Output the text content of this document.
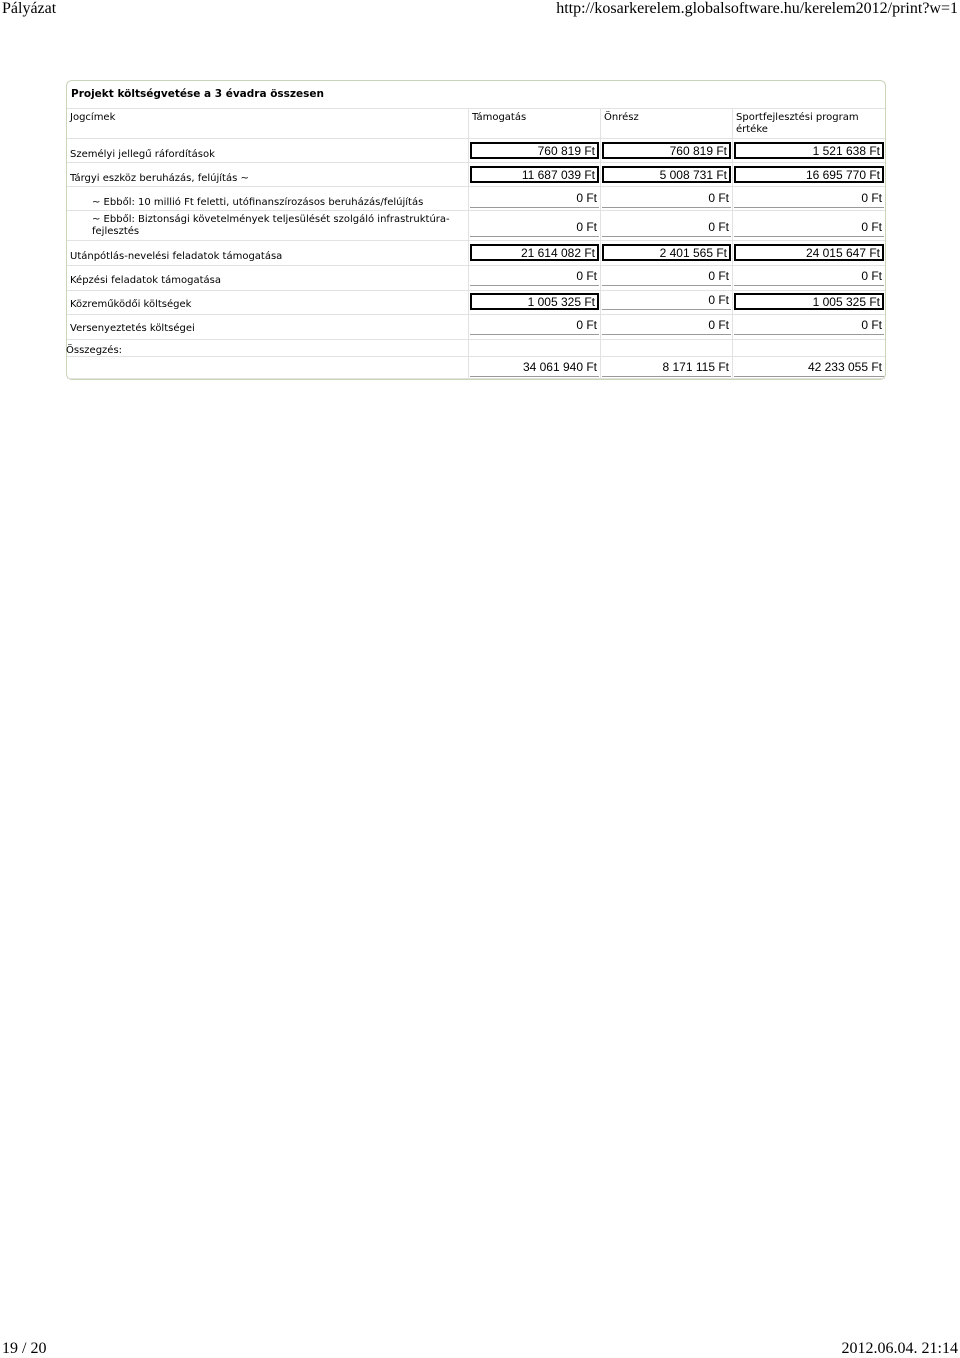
Pályázat	http://kosarkerelem.globalsoftware.hu/kerelem2012/print?w=1
Projekt költségvetése a 3 évadra összesen
Jogcímek	Támogatás	Önrész	Sportfejlesztési program értéke
Személyi jellegű ráfordítások	760 819 Ft	760 819 Ft	1 521 638 Ft
Tárgyi eszköz beruházás, felújítás ~	11 687 039 Ft	5 008 731 Ft	16 695 770 Ft
~ Ebből: 10 millió Ft feletti, utófinanszírozásos beruházás/felújítás	0 Ft	0 Ft	0 Ft
~ Ebből: Biztonsági követelmények teljesülését szolgáló infrastruktúra-fejlesztés	0 Ft	0 Ft	0 Ft
Utánpótlás-nevelési feladatok támogatása	21 614 082 Ft	2 401 565 Ft	24 015 647 Ft
Képzési feladatok támogatása	0 Ft	0 Ft	0 Ft
Közreműködői költségek	1 005 325 Ft	0 Ft	1 005 325 Ft
Versenyeztetés költségei	0 Ft	0 Ft	0 Ft
Összegzés:
34 061 940 Ft	8 171 115 Ft	42 233 055 Ft
19 / 20	2012.06.04. 21:14
